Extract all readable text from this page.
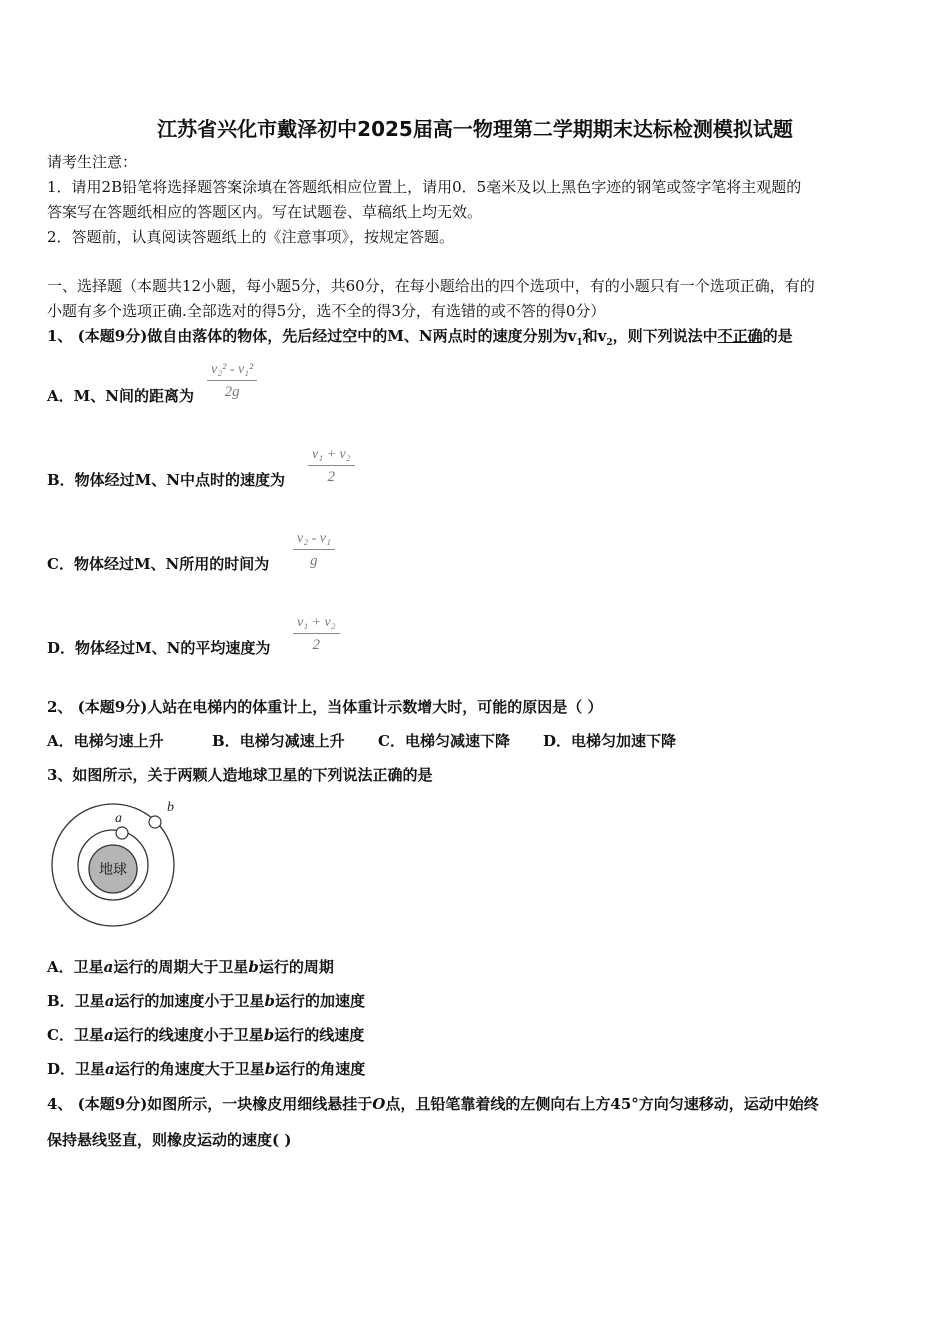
江苏省兴化市戴泽初中2025届高一物理第二学期期末达标检测模拟试题
请考生注意：
1．请用2B铅笔将选择题答案涂填在答题纸相应位置上，请用0．5毫米及以上黑色字迹的钢笔或签字笔将主观题的
答案写在答题纸相应的答题区内。写在试题卷、草稿纸上均无效。
2．答题前，认真阅读答题纸上的《注意事项》，按规定答题。
一、选择题（本题共12小题，每小题5分，共60分，在每小题给出的四个选项中，有的小题只有一个选项正确，有的
小题有多个选项正确.全部选对的得5分，选不全的得3分，有选错的或不答的得0分）
1、 (本题9分)做自由落体的物体，先后经过空中的M、N两点时的速度分别为$v_1$和$v_2$，则下列说法中不正确的是
A．M、N间的距离为
v₂² - v₁²
2g
B．物体经过M、N中点时的速度为
v₁ + v₂
2
C．物体经过M、N所用的时间为
v₂ - v₁
g
D．物体经过M、N的平均速度为
v₁ + v₂
2
2、 (本题9分)人站在电梯内的体重计上，当体重计示数增大时，可能的原因是（ ）
A．电梯匀速上升	B．电梯匀减速上升 C．电梯匀减速下降 D．电梯匀加速下降
3、如图所示，关于两颗人造地球卫星的下列说法正确的是
地球
a
b
A．卫星a运行的周期大于卫星b运行的周期
B．卫星a运行的加速度小于卫星b运行的加速度
C．卫星a运行的线速度小于卫星b运行的线速度
D．卫星a运行的角速度大于卫星b运行的角速度
4、 (本题9分)如图所示，一块橡皮用细线悬挂于O点，且铅笔靠着线的左侧向右上方45°方向匀速移动，运动中始终
保持悬线竖直，则橡皮运动的速度( )
